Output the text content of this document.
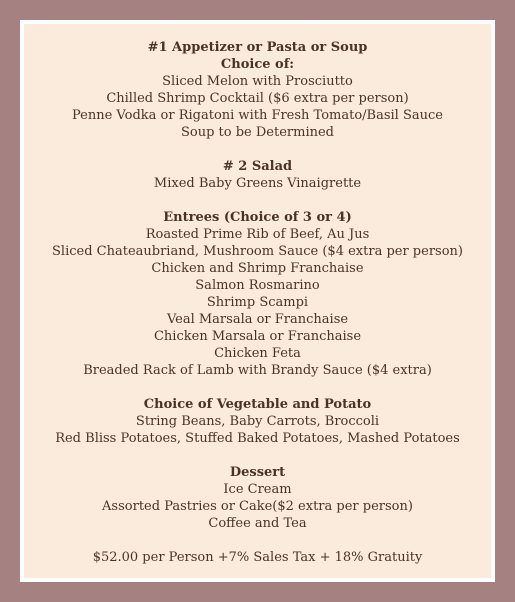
#1 Appetizer or Pasta or Soup
Choice of:
Sliced Melon with Prosciutto
Chilled Shrimp Cocktail ($6 extra per person)
Penne Vodka or Rigatoni with Fresh Tomato/Basil Sauce
Soup to be Determined
# 2 Salad
Mixed Baby Greens Vinaigrette
Entrees (Choice of 3 or 4)
Roasted Prime Rib of Beef, Au Jus
Sliced Chateaubriand, Mushroom Sauce ($4 extra per person)
Chicken and Shrimp Franchaise
Salmon Rosmarino
Shrimp Scampi
Veal Marsala or Franchaise
Chicken Marsala or Franchaise
Chicken Feta
Breaded Rack of Lamb with Brandy Sauce ($4 extra)
Choice of Vegetable and Potato
String Beans, Baby Carrots, Broccoli
Red Bliss Potatoes, Stuffed Baked Potatoes, Mashed Potatoes
Dessert
Ice Cream
Assorted Pastries or Cake($2 extra per person)
Coffee and Tea
$52.00 per Person +7% Sales Tax + 18% Gratuity
